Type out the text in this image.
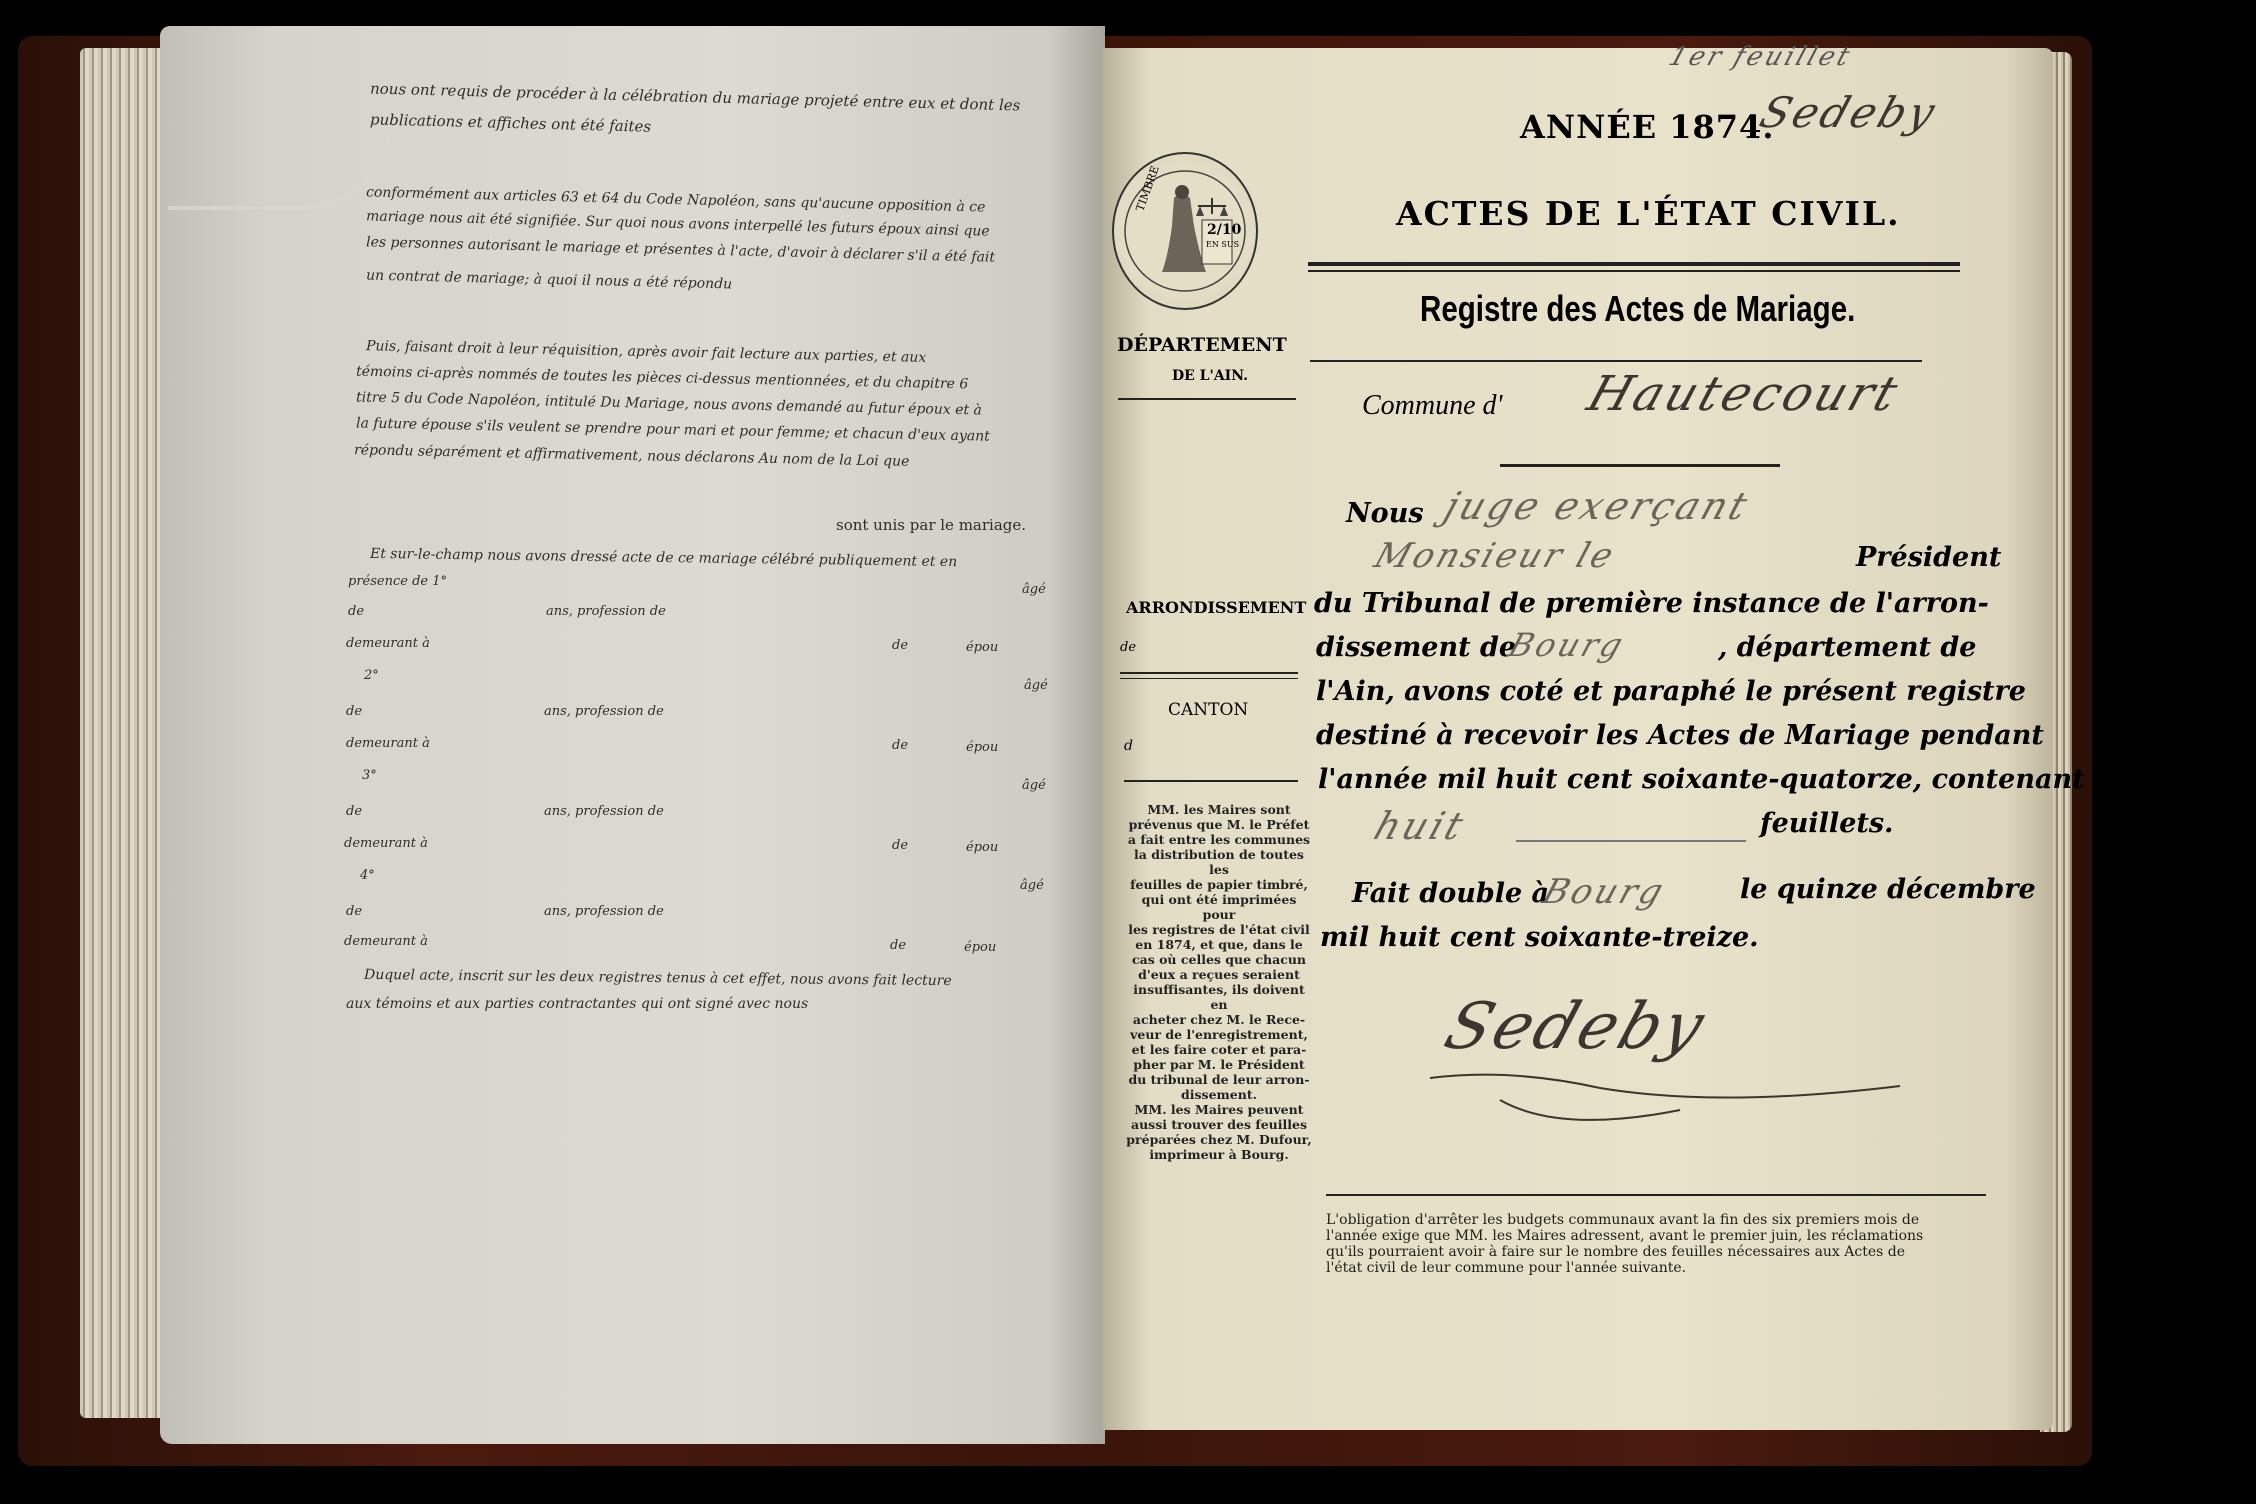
nous ont requis de procéder à la célébration du mariage projeté entre eux et dont les
publications et affiches ont été faites
conformément aux articles 63 et 64 du Code Napoléon, sans qu'aucune opposition à ce
mariage nous ait été signifiée. Sur quoi nous avons interpellé les futurs époux ainsi que
les personnes autorisant le mariage et présentes à l'acte, d'avoir à déclarer s'il a été fait
un contrat de mariage; à quoi il nous a été répondu
Puis, faisant droit à leur réquisition, après avoir fait lecture aux parties, et aux
témoins ci-après nommés de toutes les pièces ci-dessus mentionnées, et du chapitre 6
titre 5 du Code Napoléon, intitulé Du Mariage, nous avons demandé au futur époux et à
la future épouse s'ils veulent se prendre pour mari et pour femme; et chacun d'eux ayant
répondu séparément et affirmativement, nous déclarons Au nom de la Loi que
sont unis par le mariage.
Et sur-le-champ nous avons dressé acte de ce mariage célébré publiquement et en
présence de 1°
âgé
de	ans, profession de
demeurant à	de	épou
2°
âgé
de	ans, profession de
demeurant à	de	épou
3°
âgé
de	ans, profession de
demeurant à	de	épou
4°
âgé
de	ans, profession de
demeurant à	de	épou
Duquel acte, inscrit sur les deux registres tenus à cet effet, nous avons fait lecture
aux témoins et aux parties contractantes qui ont signé avec nous
1er feuillet
ANNÉE 1874.
Sedeby
ACTES DE L'ÉTAT CIVIL.
Registre des Actes de Mariage.
TIMBRE
2/10
EN SUS
DÉPARTEMENT
DE L'AIN.
ARRONDISSEMENT
de
CANTON
d
MM. les Maires sont
prévenus que M. le Préfet
a fait entre les communes
la distribution de toutes les
feuilles de papier timbré,
qui ont été imprimées pour
les registres de l'état civil
en 1874, et que, dans le
cas où celles que chacun
d'eux a reçues seraient
insuffisantes, ils doivent en
acheter chez M. le Rece-
veur de l'enregistrement,
et les faire coter et para-
pher par M. le Président
du tribunal de leur arron-
dissement.
MM. les Maires peuvent
aussi trouver des feuilles
préparées chez M. Dufour,
imprimeur à Bourg.
Commune d' Hautecourt
Nous juge exerçant
Monsieur le	Président
du Tribunal de première instance de l'arron-
dissement de
Bourg	, département de
l'Ain, avons coté et paraphé le présent registre
destiné à recevoir les Actes de Mariage pendant
l'année mil huit cent soixante-quatorze, contenant
huit	feuillets.
Fait double à
Bourg	le quinze décembre
mil huit cent soixante-treize.
Sedeby
L'obligation d'arrêter les budgets communaux avant la fin des six premiers mois de
l'année exige que MM. les Maires adressent, avant le premier juin, les réclamations
qu'ils pourraient avoir à faire sur le nombre des feuilles nécessaires aux Actes de
l'état civil de leur commune pour l'année suivante.
